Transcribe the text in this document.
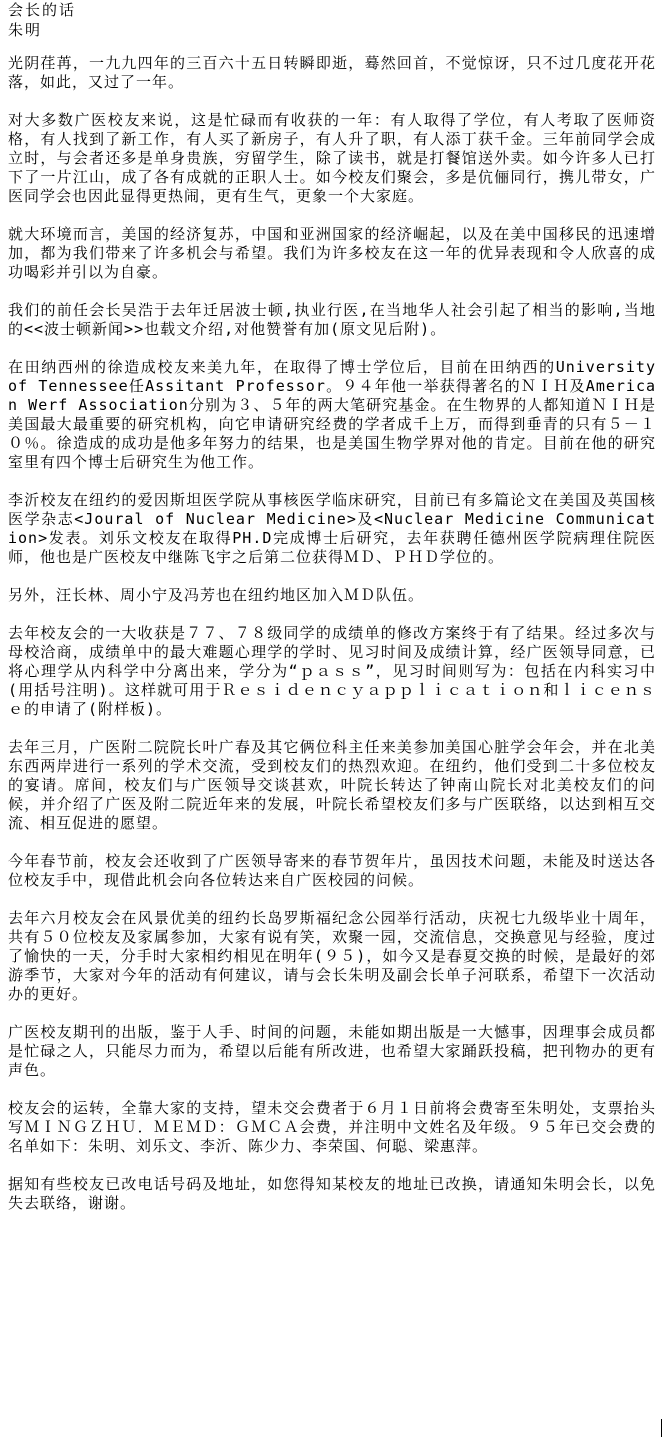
会长的话
朱明

光阴荏苒，一九九四年的三百六十五日转瞬即逝，蓦然回首，不觉惊讶，只不过几度花开花落，如此，又过了一年。

对大多数广医校友来说，这是忙碌而有收获的一年：有人取得了学位，有人考取了医师资格，有人找到了新工作，有人买了新房子，有人升了职，有人添丁获千金。三年前同学会成立时，与会者还多是单身贵族，穷留学生，除了读书，就是打餐馆送外卖。如今许多人已打下了一片江山，成了各有成就的正职人士。如今校友们聚会，多是伉俪同行，携儿带女，广医同学会也因此显得更热闹，更有生气，更象一个大家庭。

就大环境而言，美国的经济复苏，中国和亚洲国家的经济崛起，以及在美中国移民的迅速增加，都为我们带来了许多机会与希望。我们为许多校友在这一年的优异表现和令人欣喜的成功喝彩并引以为自豪。

我们的前任会长吴浩于去年迁居波士顿,执业行医,在当地华人社会引起了相当的影响,当地的<<波士顿新闻>>也载文介绍,对他赞誉有加(原文见后附)。

在田纳西州的徐造成校友来美九年，在取得了博士学位后，目前在田纳西的University of Tennessee任Assitant Professor。９４年他一举获得著名的ＮＩＨ及American Werf Association分别为３、５年的两大笔研究基金。在生物界的人都知道ＮＩＨ是美国最大最重要的研究机构，向它申请研究经费的学者成千上万，而得到垂青的只有５－１０％。徐造成的成功是他多年努力的结果，也是美国生物学界对他的肯定。目前在他的研究室里有四个博士后研究生为他工作。

李沂校友在纽约的爱因斯坦医学院从事核医学临床研究，目前已有多篇论文在美国及英国核医学杂志<Joural of Nuclear Medicine>及<Nuclear Medicine Communication>发表。刘乐文校友在取得PH.D完成博士后研究，去年获聘任德州医学院病理住院医师，他也是广医校友中继陈飞宇之后第二位获得ＭＤ、ＰＨＤ学位的。

另外，汪长林、周小宁及冯芳也在纽约地区加入ＭＤ队伍。

去年校友会的一大收获是７７、７８级同学的成绩单的修改方案终于有了结果。经过多次与母校洽商，成绩单中的最大难题心理学的学时、见习时间及成绩计算，经广医领导同意，已将心理学从内科学中分离出来，学分为“ｐａｓｓ”，见习时间则写为：包括在内科实习中(用括号注明)。这样就可用于Ｒｅｓｉｄｅｎｃｙａｐｐｌｉｃａｔｉｏｎ和ｌｉｃｅｎｓｅ的申请了(附样板)。

去年三月，广医附二院院长叶广春及其它俩位科主任来美参加美国心脏学会年会，并在北美东西两岸进行一系列的学术交流，受到校友们的热烈欢迎。在纽约，他们受到二十多位校友的宴请。席间，校友们与广医领导交谈甚欢，叶院长转达了钟南山院长对北美校友们的问候，并介绍了广医及附二院近年来的发展，叶院长希望校友们多与广医联络，以达到相互交流、相互促进的愿望。

今年春节前，校友会还收到了广医领导寄来的春节贺年片，虽因技术问题，未能及时送达各位校友手中，现借此机会向各位转达来自广医校园的问候。

去年六月校友会在风景优美的纽约长岛罗斯福纪念公园举行活动，庆祝七九级毕业十周年，共有５０位校友及家属参加，大家有说有笑，欢聚一园，交流信息，交换意见与经验，度过了愉快的一天，分手时大家相约相见在明年(９５)，如今又是春夏交换的时候，是最好的郊游季节，大家对今年的活动有何建议，请与会长朱明及副会长单子河联系，希望下一次活动办的更好。

广医校友期刊的出版，鉴于人手、时间的问题，未能如期出版是一大憾事，因理事会成员都是忙碌之人，只能尽力而为，希望以后能有所改进，也希望大家踊跃投稿，把刊物办的更有声色。

校友会的运转，全靠大家的支持，望未交会费者于６月１日前将会费寄至朱明处，支票抬头写ＭＩＮＧＺＨＵ．ＭＥＭＤ：ＧＭＣＡ会费，并注明中文姓名及年级。９５年已交会费的名单如下：朱明、刘乐文、李沂、陈少力、李荣国、何聪、梁惠萍。

据知有些校友已改电话号码及地址，如您得知某校友的地址已改换，请通知朱明会长，以免失去联络，谢谢。
